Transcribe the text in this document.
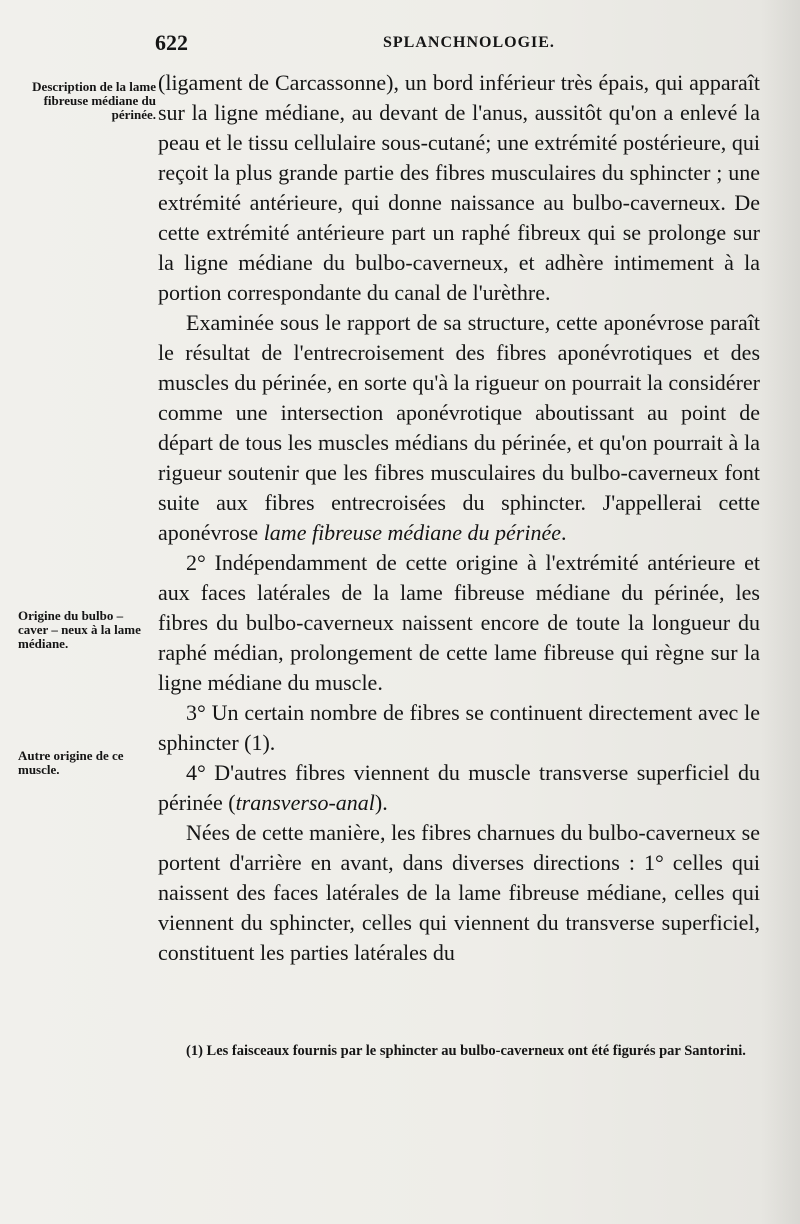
622	SPLANCHNOLOGIE.
Description de la lame fibreuse médiane du périnée.
Origine du bulbo – caver – neux à la lame médiane.
Autre origine de ce muscle.

(ligament de Carcassonne), un bord inférieur très épais, qui apparaît sur la ligne médiane, au devant de l'anus, aussitôt qu'on a enlevé la peau et le tissu cellulaire sous-cutané; une extrémité postérieure, qui reçoit la plus grande partie des fibres musculaires du sphincter ; une extrémité antérieure, qui donne naissance au bulbo-caverneux. De cette extrémité antérieure part un raphé fibreux qui se prolonge sur la ligne médiane du bulbo-caverneux, et adhère intimement à la portion correspondante du canal de l'urèthre.

Examinée sous le rapport de sa structure, cette aponévrose paraît le résultat de l'entrecroisement des fibres aponévrotiques et des muscles du périnée, en sorte qu'à la rigueur on pourrait la considérer comme une intersection aponévrotique aboutissant au point de départ de tous les muscles médians du périnée, et qu'on pourrait à la rigueur soutenir que les fibres musculaires du bulbo-caverneux font suite aux fibres entrecroisées du sphincter. J'appellerai cette aponévrose lame fibreuse médiane du périnée.

2° Indépendamment de cette origine à l'extrémité antérieure et aux faces latérales de la lame fibreuse médiane du périnée, les fibres du bulbo-caverneux naissent encore de toute la longueur du raphé médian, prolongement de cette lame fibreuse qui règne sur la ligne médiane du muscle.

3° Un certain nombre de fibres se continuent directement avec le sphincter (1).

4° D'autres fibres viennent du muscle transverse superficiel du périnée (transverso-anal).

Nées de cette manière, les fibres charnues du bulbo-caverneux se portent d'arrière en avant, dans diverses directions : 1° celles qui naissent des faces latérales de la lame fibreuse médiane, celles qui viennent du sphincter, celles qui viennent du transverse superficiel, constituent les parties latérales du

(1) Les faisceaux fournis par le sphincter au bulbo-caverneux ont été figurés par Santorini.
